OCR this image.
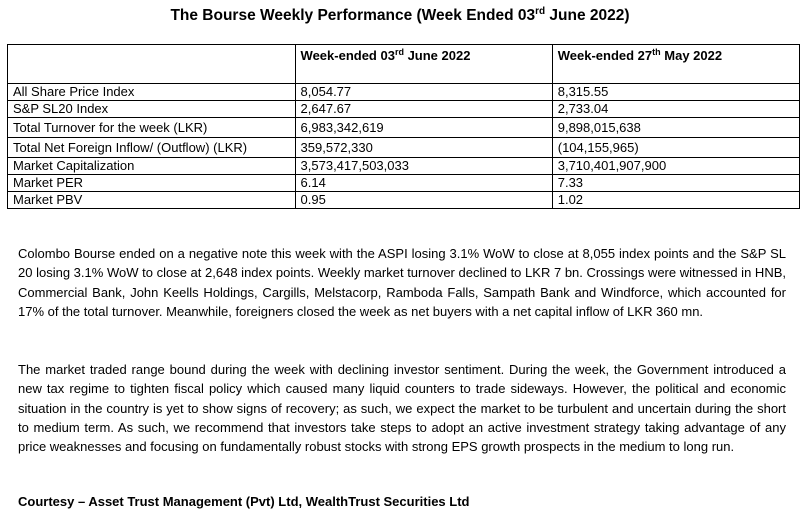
The Bourse Weekly Performance (Week Ended 03rd June 2022)
	Week-ended 03rd June 2022	Week-ended 27th May 2022
All Share Price Index	8,054.77	8,315.55
S&P SL20 Index	2,647.67	2,733.04
Total Turnover for the week (LKR)	6,983,342,619	9,898,015,638
Total Net Foreign Inflow/ (Outflow) (LKR)	359,572,330	(104,155,965)
Market Capitalization	3,573,417,503,033	3,710,401,907,900
Market PER	6.14	7.33
Market PBV	0.95	1.02
Colombo Bourse ended on a negative note this week with the ASPI losing 3.1% WoW to close at 8,055 index points and the S&P SL 20 losing 3.1% WoW to close at 2,648 index points. Weekly market turnover declined to LKR 7 bn. Crossings were witnessed in HNB, Commercial Bank, John Keells Holdings, Cargills, Melstacorp, Ramboda Falls, Sampath Bank and Windforce, which accounted for 17% of the total turnover. Meanwhile, foreigners closed the week as net buyers with a net capital inflow of LKR 360 mn.
The market traded range bound during the week with declining investor sentiment. During the week, the Government introduced a new tax regime to tighten fiscal policy which caused many liquid counters to trade sideways. However, the political and economic situation in the country is yet to show signs of recovery; as such, we expect the market to be turbulent and uncertain during the short to medium term. As such, we recommend that investors take steps to adopt an active investment strategy taking advantage of any price weaknesses and focusing on fundamentally robust stocks with strong EPS growth prospects in the medium to long run.
Courtesy – Asset Trust Management (Pvt) Ltd, WealthTrust Securities Ltd
